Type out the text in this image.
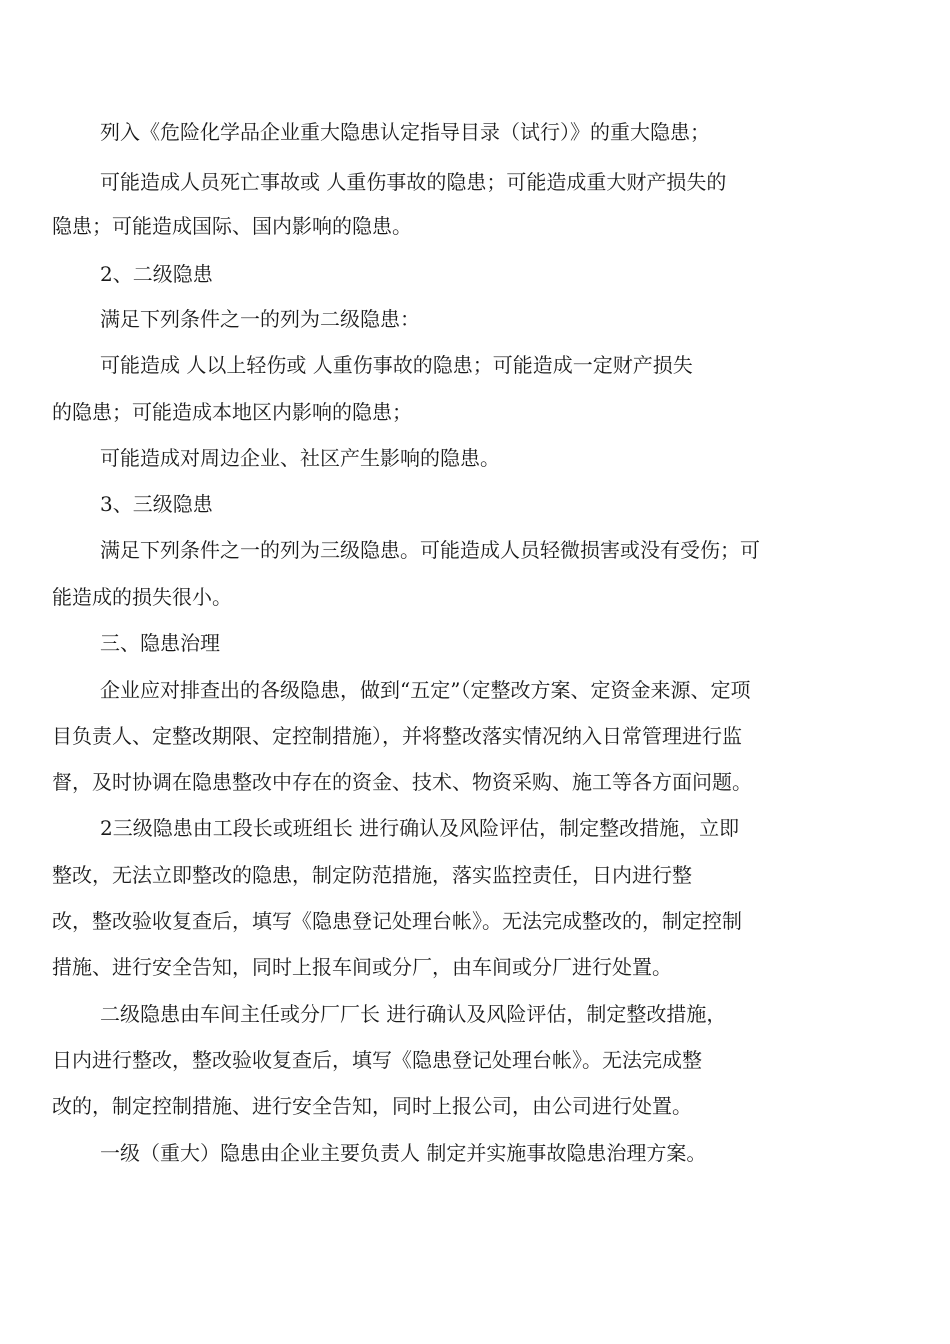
列入《危险化学品企业重大隐患认定指导目录（试行）》的重大隐患；

可能造成人员死亡事故或 人重伤事故的隐患；可能造成重大财产损失的

隐患；可能造成国际、国内影响的隐患。

2、二级隐患

满足下列条件之一的列为二级隐患：

可能造成 人以上轻伤或 人重伤事故的隐患；可能造成一定财产损失

的隐患；可能造成本地区内影响的隐患；

可能造成对周边企业、社区产生影响的隐患。

3、三级隐患

满足下列条件之一的列为三级隐患。可能造成人员轻微损害或没有受伤；可

能造成的损失很小。

三、隐患治理

企业应对排查出的各级隐患，做到“五定”（定整改方案、定资金来源、定项

目负责人、定整改期限、定控制措施），并将整改落实情况纳入日常管理进行监

督，及时协调在隐患整改中存在的资金、技术、物资采购、施工等各方面问题。

2三级隐患由工段长或班组长 进行确认及风险评估，制定整改措施，立即

整改，无法立即整改的隐患，制定防范措施，落实监控责任，日内进行整

改，整改验收复查后，填写《隐患登记处理台帐》。无法完成整改的，制定控制

措施、进行安全告知，同时上报车间或分厂，由车间或分厂进行处置。

二级隐患由车间主任或分厂厂长 进行确认及风险评估，制定整改措施，

日内进行整改，整改验收复查后，填写《隐患登记处理台帐》。无法完成整

改的，制定控制措施、进行安全告知，同时上报公司，由公司进行处置。

一级（重大）隐患由企业主要负责人 制定并实施事故隐患治理方案。
